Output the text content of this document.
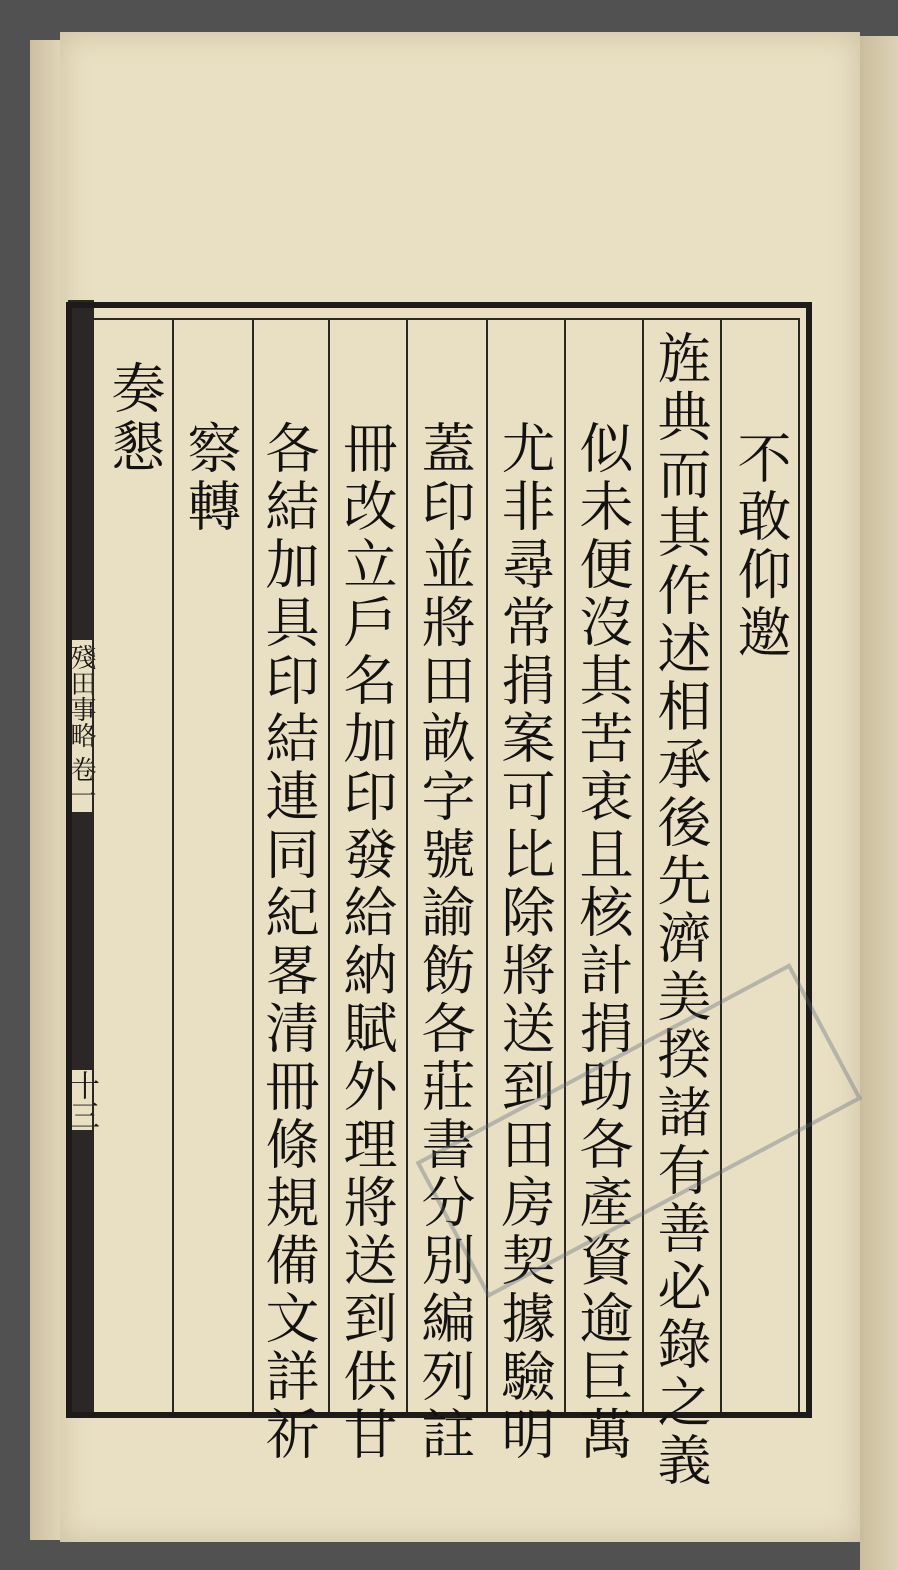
殘田事略 卷一
十三
不敢仰邀
旌典而其作述相承後先濟美揆諸有善必錄之義
似未便沒其苦衷且核計捐助各產資逾巨萬
尤非尋常捐案可比除將送到田房契據驗明
蓋印並將田畝字號諭飭各莊書分別編列註
冊改立戶名加印發給納賦外理將送到供甘
各結加具印結連同紀畧清冊條規備文詳祈
察轉
奏懇
